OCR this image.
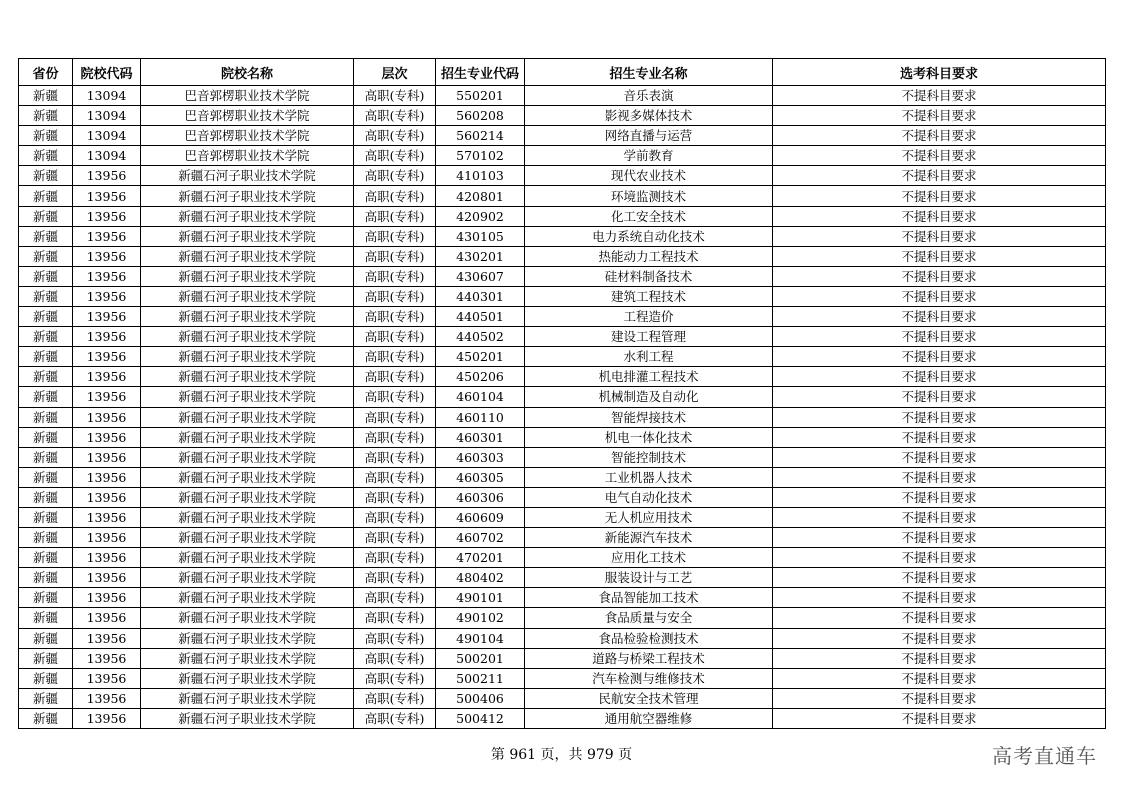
省份	院校代码	院校名称	层次	招生专业代码	招生专业名称	选考科目要求
新疆	13094	巴音郭楞职业技术学院	高职(专科)	550201	音乐表演	不提科目要求
新疆	13094	巴音郭楞职业技术学院	高职(专科)	560208	影视多媒体技术	不提科目要求
新疆	13094	巴音郭楞职业技术学院	高职(专科)	560214	网络直播与运营	不提科目要求
新疆	13094	巴音郭楞职业技术学院	高职(专科)	570102	学前教育	不提科目要求
新疆	13956	新疆石河子职业技术学院	高职(专科)	410103	现代农业技术	不提科目要求
新疆	13956	新疆石河子职业技术学院	高职(专科)	420801	环境监测技术	不提科目要求
新疆	13956	新疆石河子职业技术学院	高职(专科)	420902	化工安全技术	不提科目要求
新疆	13956	新疆石河子职业技术学院	高职(专科)	430105	电力系统自动化技术	不提科目要求
新疆	13956	新疆石河子职业技术学院	高职(专科)	430201	热能动力工程技术	不提科目要求
新疆	13956	新疆石河子职业技术学院	高职(专科)	430607	硅材料制备技术	不提科目要求
新疆	13956	新疆石河子职业技术学院	高职(专科)	440301	建筑工程技术	不提科目要求
新疆	13956	新疆石河子职业技术学院	高职(专科)	440501	工程造价	不提科目要求
新疆	13956	新疆石河子职业技术学院	高职(专科)	440502	建设工程管理	不提科目要求
新疆	13956	新疆石河子职业技术学院	高职(专科)	450201	水利工程	不提科目要求
新疆	13956	新疆石河子职业技术学院	高职(专科)	450206	机电排灌工程技术	不提科目要求
新疆	13956	新疆石河子职业技术学院	高职(专科)	460104	机械制造及自动化	不提科目要求
新疆	13956	新疆石河子职业技术学院	高职(专科)	460110	智能焊接技术	不提科目要求
新疆	13956	新疆石河子职业技术学院	高职(专科)	460301	机电一体化技术	不提科目要求
新疆	13956	新疆石河子职业技术学院	高职(专科)	460303	智能控制技术	不提科目要求
新疆	13956	新疆石河子职业技术学院	高职(专科)	460305	工业机器人技术	不提科目要求
新疆	13956	新疆石河子职业技术学院	高职(专科)	460306	电气自动化技术	不提科目要求
新疆	13956	新疆石河子职业技术学院	高职(专科)	460609	无人机应用技术	不提科目要求
新疆	13956	新疆石河子职业技术学院	高职(专科)	460702	新能源汽车技术	不提科目要求
新疆	13956	新疆石河子职业技术学院	高职(专科)	470201	应用化工技术	不提科目要求
新疆	13956	新疆石河子职业技术学院	高职(专科)	480402	服装设计与工艺	不提科目要求
新疆	13956	新疆石河子职业技术学院	高职(专科)	490101	食品智能加工技术	不提科目要求
新疆	13956	新疆石河子职业技术学院	高职(专科)	490102	食品质量与安全	不提科目要求
新疆	13956	新疆石河子职业技术学院	高职(专科)	490104	食品检验检测技术	不提科目要求
新疆	13956	新疆石河子职业技术学院	高职(专科)	500201	道路与桥梁工程技术	不提科目要求
新疆	13956	新疆石河子职业技术学院	高职(专科)	500211	汽车检测与维修技术	不提科目要求
新疆	13956	新疆石河子职业技术学院	高职(专科)	500406	民航安全技术管理	不提科目要求
新疆	13956	新疆石河子职业技术学院	高职(专科)	500412	通用航空器维修	不提科目要求
第 961 页，共 979 页	高考直通车
